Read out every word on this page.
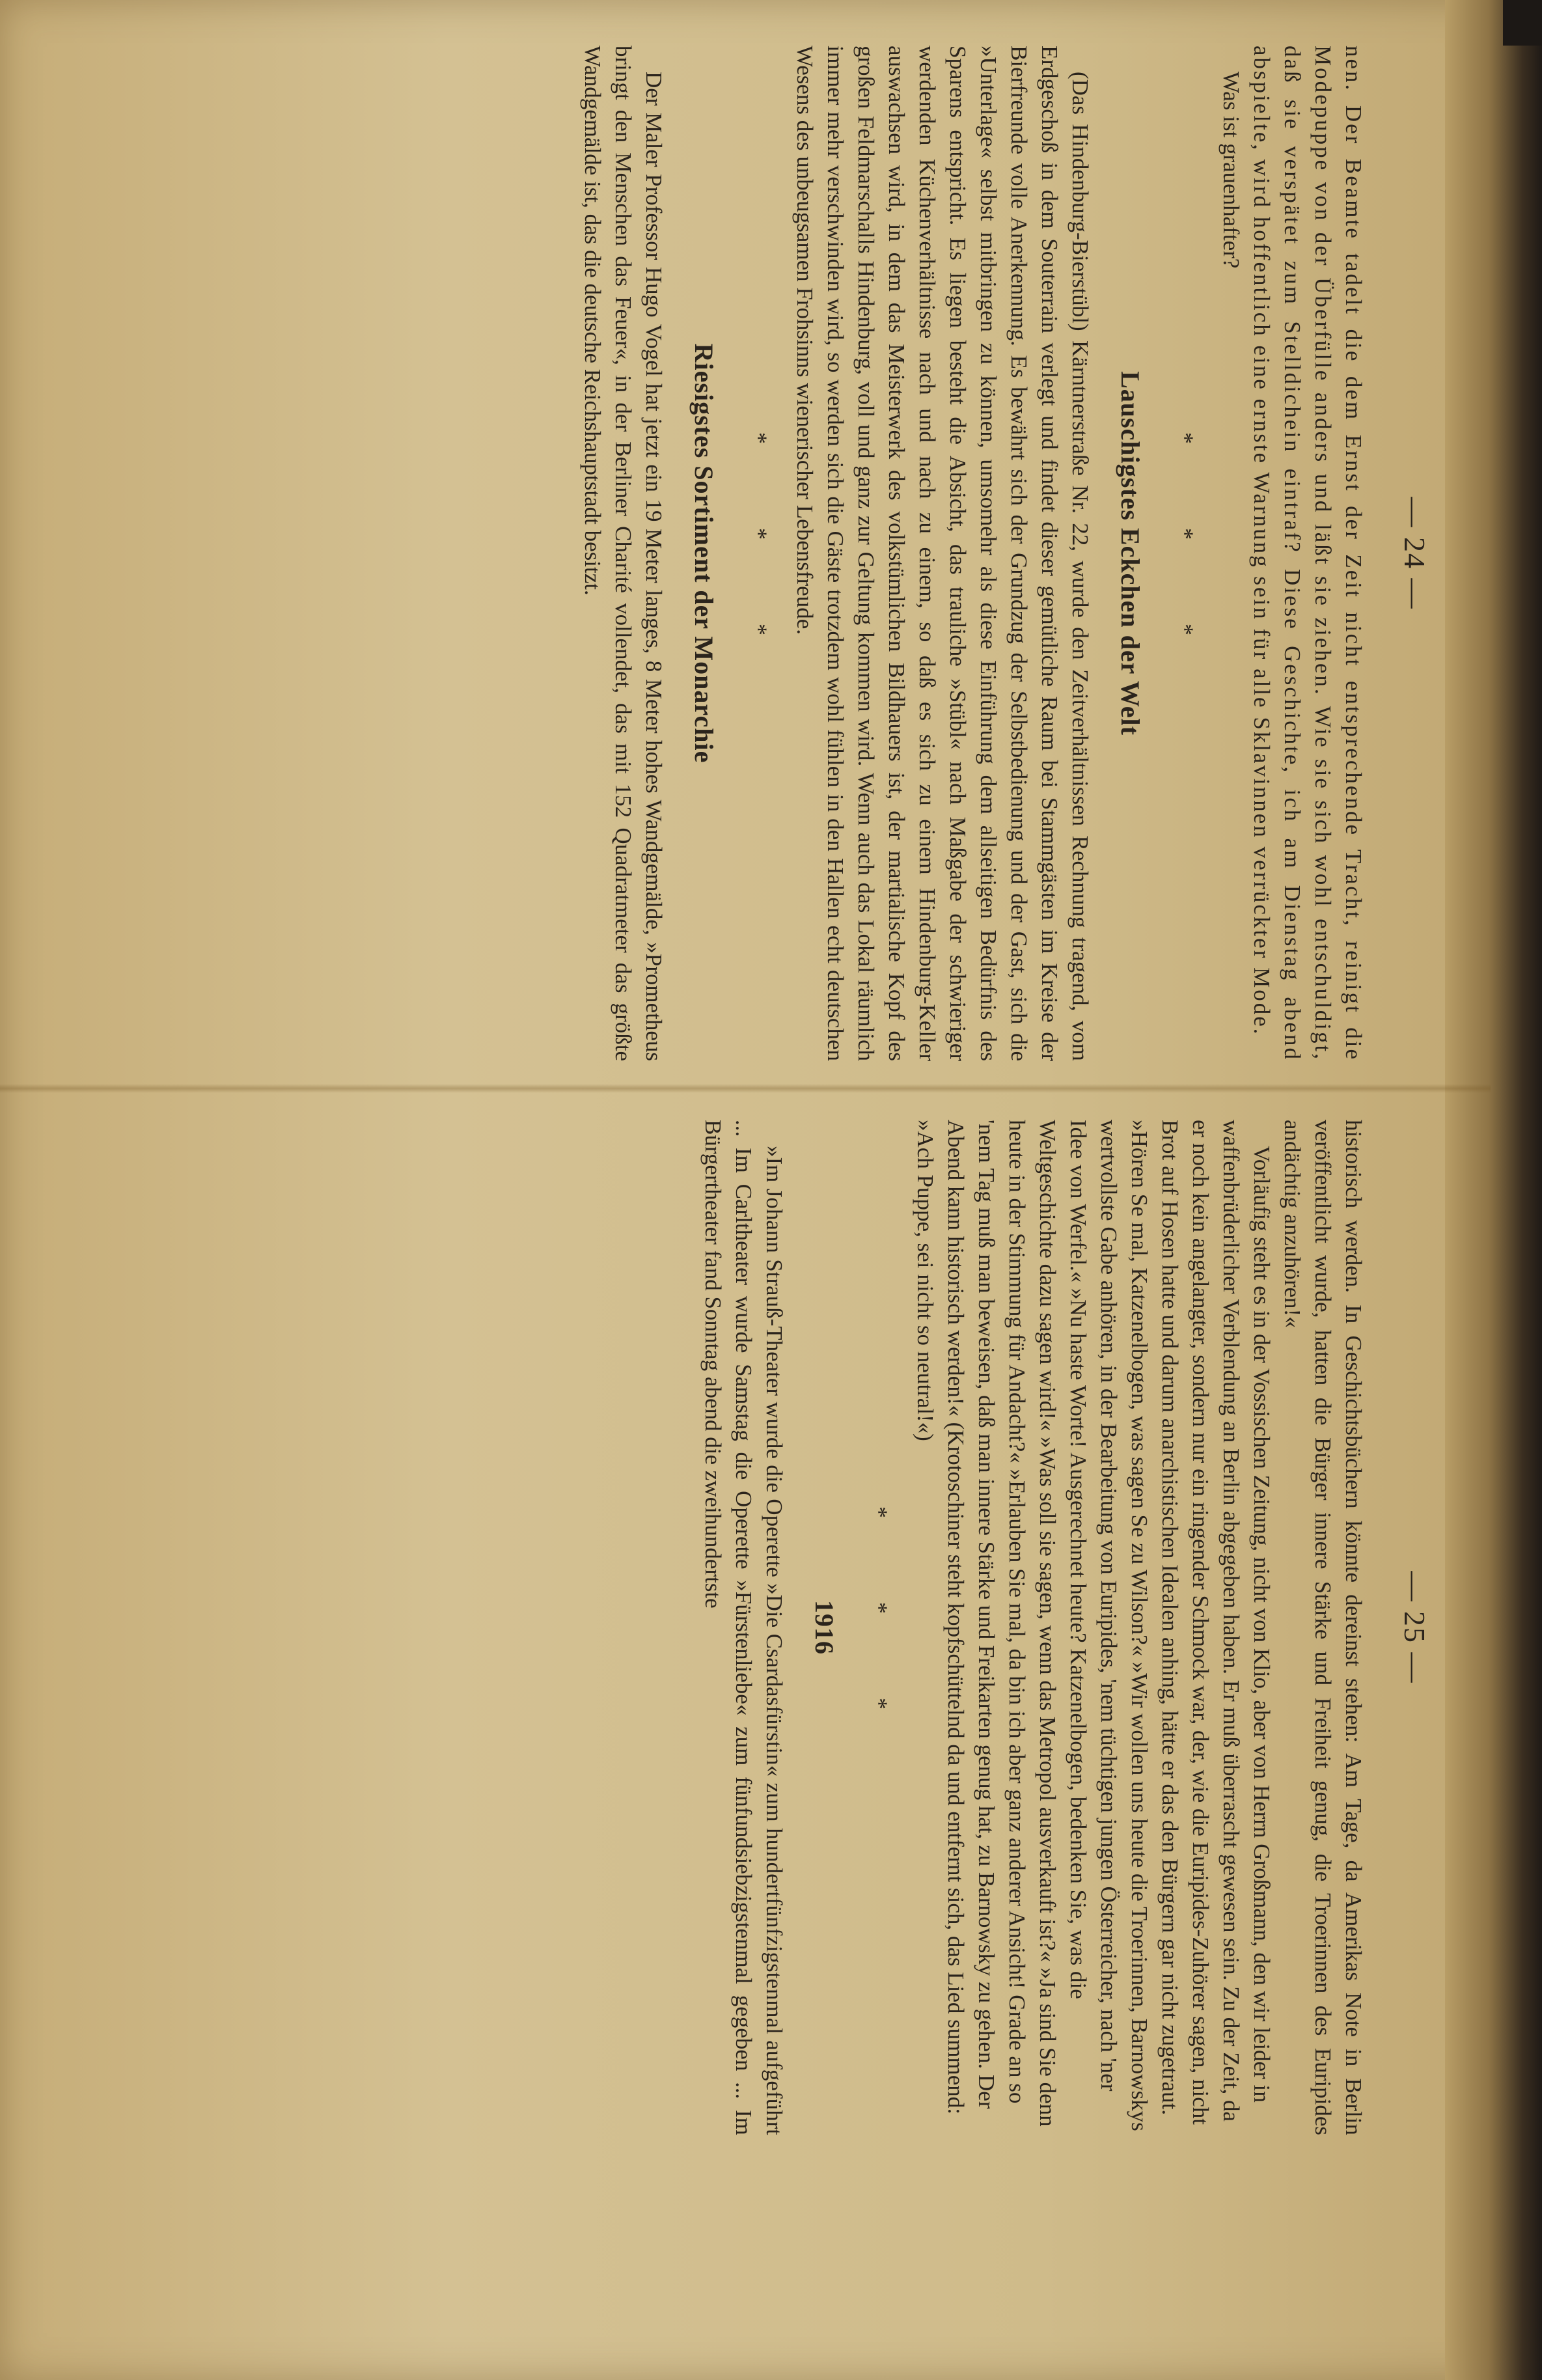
— 24 —

nen. Der Beamte tadelt die dem Ernst der Zeit nicht entsprechende Tracht, reinigt die Modepuppe von der Überfülle anders und läßt sie ziehen. Wie sie sich wohl entschuldigt, daß sie verspätet zum Stelldichein eintraf? Diese Geschichte, ich am Dienstag abend abspielte, wird hoffentlich eine ernste Warnung sein für alle Sklavinnen verrückter Mode.

Was ist grauenhafter?

* * *
Lauschigstes Eckchen der Welt

(Das Hindenburg-Bierstübl) Kärntnerstraße Nr. 22, wurde den Zeitverhältnissen Rechnung tragend, vom Erdgeschoß in dem Souterrain verlegt und findet dieser gemütliche Raum bei Stammgästen im Kreise der Bierfreunde volle Anerkennung. Es bewährt sich der Grundzug der Selbstbedienung und der Gast, sich die »Unterlage« selbst mitbringen zu können, umsomehr als diese Einführung dem allseitigen Bedürfnis des Sparens entspricht. Es liegen besteht die Absicht, das trauliche »Stübl« nach Maßgabe der schwieriger werdenden Küchenverhältnisse nach und nach zu einem, so daß es sich zu einem Hindenburg-Keller auswachsen wird, in dem das Meisterwerk des volkstümlichen Bildhauers ist, der martialische Kopf des großen Feldmarschalls Hindenburg, voll und ganz zur Geltung kommen wird. Wenn auch das Lokal räumlich immer mehr verschwinden wird, so werden sich die Gäste trotzdem wohl fühlen in den Hallen echt deutschen Wesens des unbeugsamen Frohsinns wienerischer Lebensfreude.

* * *
Riesigstes Sortiment der Monarchie

Der Maler Professor Hugo Vogel hat jetzt ein 19 Meter langes, 8 Meter hohes Wandgemälde, »Prometheus bringt den Menschen das Feuer«, in der Berliner Charité vollendet, das mit 152 Quadratmeter das größte Wandgemälde ist, das die deutsche Reichshauptstadt besitzt.

— 25 —

historisch werden. In Geschichtsbüchern könnte dereinst stehen: Am Tage, da Amerikas Note in Berlin veröffentlicht wurde, hatten die Bürger innere Stärke und Freiheit genug, die Troerinnen des Euripides andächtig anzuhören!«

Vorläufig steht es in der Vossischen Zeitung, nicht von Klio, aber von Herrn Großmann, den wir leider in waffenbrüderlicher Verblendung an Berlin abgegeben haben. Er muß überrascht gewesen sein. Zu der Zeit, da er noch kein angelangter, sondern nur ein ringender Schmock war, der, wie die Euripides-Zuhörer sagen, nicht Brot auf Hosen hatte und darum anarchistischen Idealen anhing, hätte er das den Bürgern gar nicht zugetraut. »Hören Se mal, Katzenelbogen, was sagen Se zu Wilson?« »Wir wollen uns heute die Troerinnen, Barnowskys wertvollste Gabe anhören, in der Bearbeitung von Euripides, 'nem tüchtigen jungen Österreicher, nach 'ner Idee von Werfel.« »Nu haste Worte! Ausgerechnet heute? Katzenelbogen, bedenken Sie, was die Weltgeschichte dazu sagen wird!« »Was soll sie sagen, wenn das Metropol ausverkauft ist?« »Ja sind Sie denn heute in der Stimmung für Andacht?« »Erlauben Sie mal, da bin ich aber ganz anderer Ansicht! Grade an so 'nem Tag muß man beweisen, daß man innere Stärke und Freikarten genug hat, zu Barnowsky zu gehen. Der Abend kann historisch werden!« (Krotoschiner steht kopfschüttelnd da und entfernt sich, das Lied summend: »Ach Puppe, sei nicht so neutral!«)

* * *
1916

»Im Johann Strauß-Theater wurde die Operette »Die Csardasfürstin« zum hundertfünfzigstenmal aufgeführt ... Im Carltheater wurde Samstag die Operette »Fürstenliebe« zum fünfundsiebzigstenmal gegeben ... Im Bürgertheater fand Sonntag abend die zweihundertste
